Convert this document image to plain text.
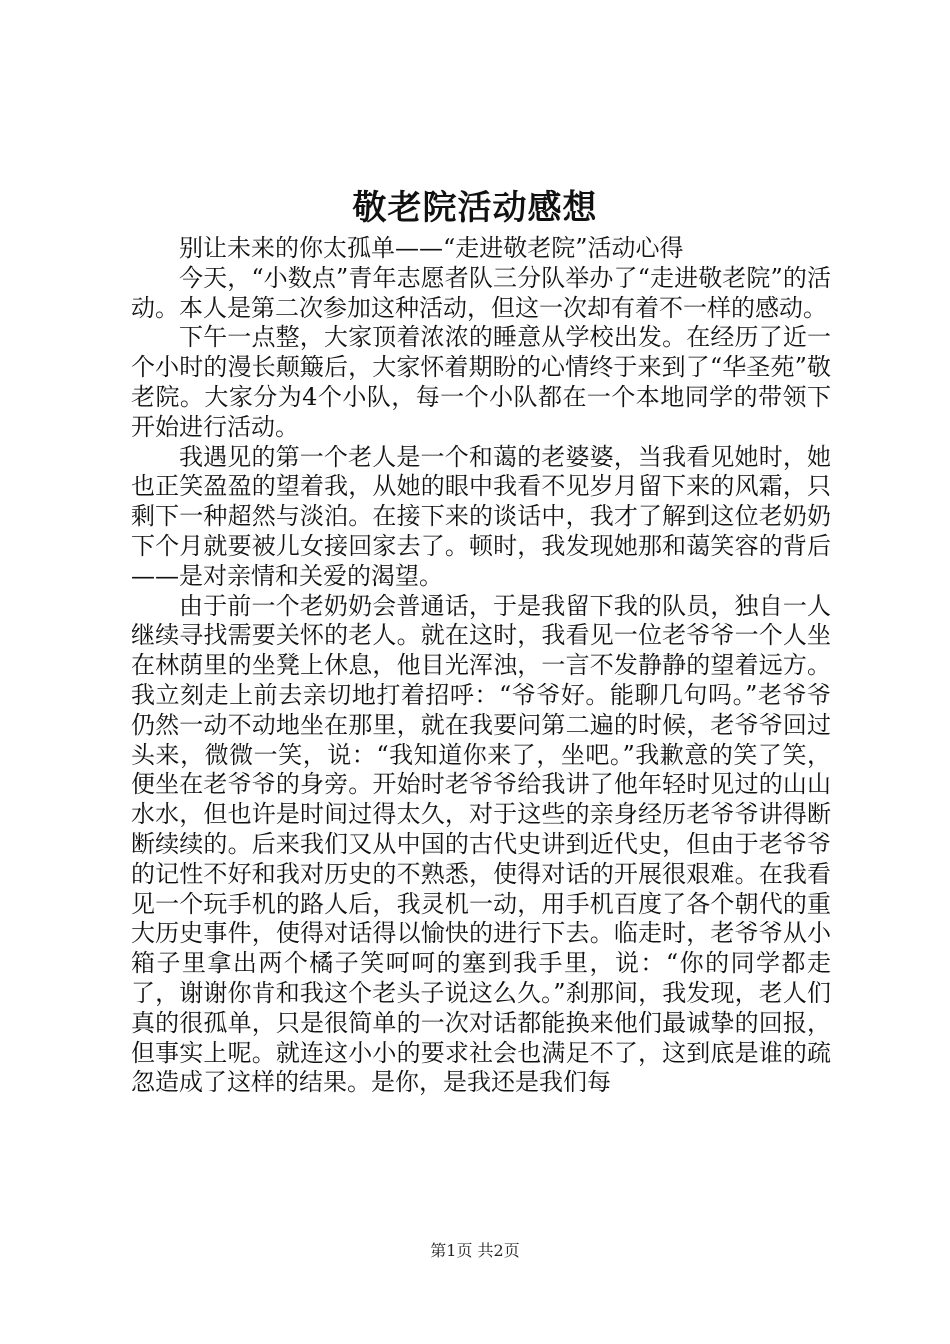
敬老院活动感想

别让未来的你太孤单——“走进敬老院”活动心得

今天，“小数点”青年志愿者队三分队举办了“走进敬老院”的活动。本人是第二次参加这种活动，但这一次却有着不一样的感动。

下午一点整，大家顶着浓浓的睡意从学校出发。在经历了近一个小时的漫长颠簸后，大家怀着期盼的心情终于来到了“华圣苑”敬老院。大家分为4个小队，每一个小队都在一个本地同学的带领下开始进行活动。

我遇见的第一个老人是一个和蔼的老婆婆，当我看见她时，她也正笑盈盈的望着我，从她的眼中我看不见岁月留下来的风霜，只剩下一种超然与淡泊。在接下来的谈话中，我才了解到这位老奶奶下个月就要被儿女接回家去了。顿时，我发现她那和蔼笑容的背后——是对亲情和关爱的渴望。

由于前一个老奶奶会普通话，于是我留下我的队员，独自一人继续寻找需要关怀的老人。就在这时，我看见一位老爷爷一个人坐在林荫里的坐凳上休息，他目光浑浊，一言不发静静的望着远方。我立刻走上前去亲切地打着招呼：“爷爷好。能聊几句吗。”老爷爷仍然一动不动地坐在那里，就在我要问第二遍的时候，老爷爷回过头来，微微一笑，说：“我知道你来了，坐吧。”我歉意的笑了笑，便坐在老爷爷的身旁。开始时老爷爷给我讲了他年轻时见过的山山水水，但也许是时间过得太久，对于这些的亲身经历老爷爷讲得断断续续的。后来我们又从中国的古代史讲到近代史，但由于老爷爷的记性不好和我对历史的不熟悉，使得对话的开展很艰难。在我看见一个玩手机的路人后，我灵机一动，用手机百度了各个朝代的重大历史事件，使得对话得以愉快的进行下去。临走时，老爷爷从小箱子里拿出两个橘子笑呵呵的塞到我手里，说：“你的同学都走了，谢谢你肯和我这个老头子说这么久。”刹那间，我发现，老人们真的很孤单，只是很简单的一次对话都能换来他们最诚挚的回报，但事实上呢。就连这小小的要求社会也满足不了，这到底是谁的疏忽造成了这样的结果。是你，是我还是我们每

第1页 共2页
